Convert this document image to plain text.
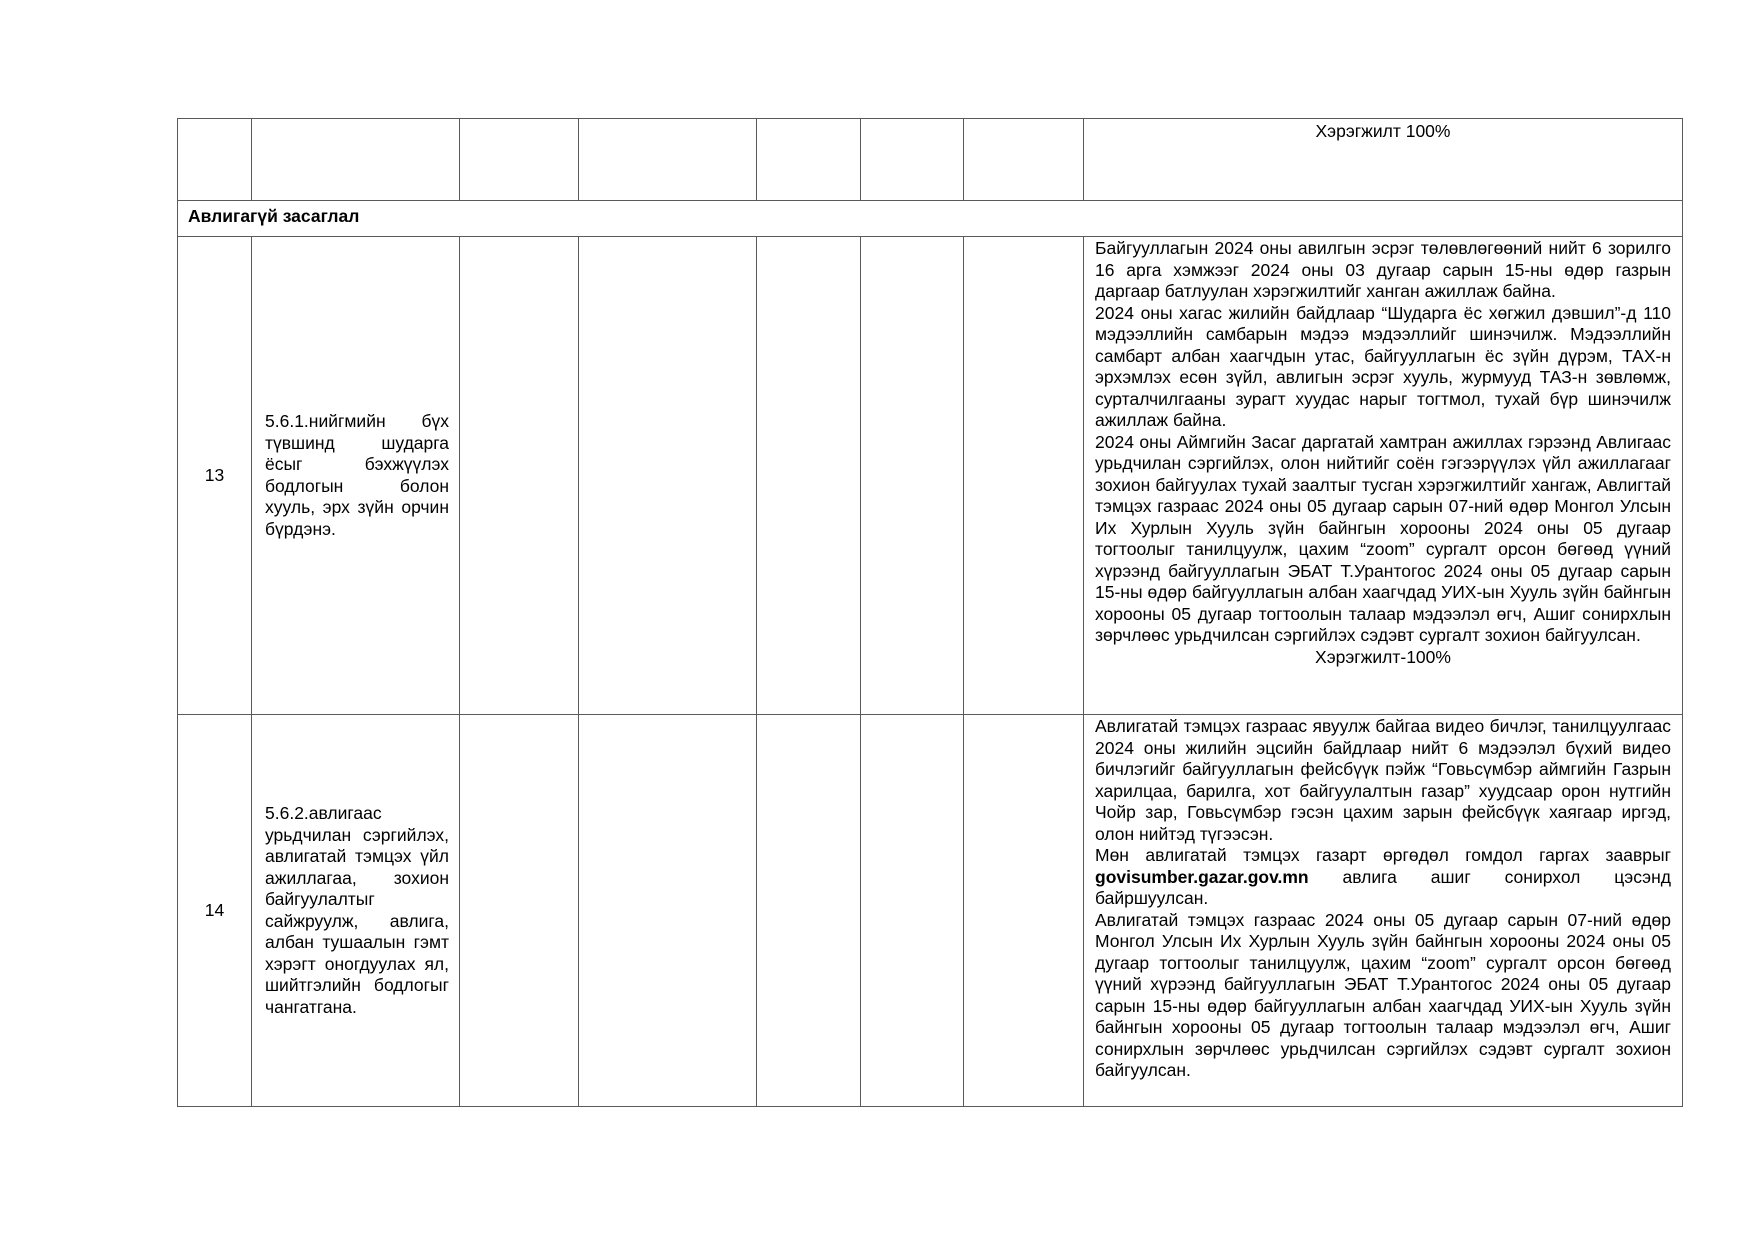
							Хэрэгжилт 100%
Авлигагүй засаглал							
13	5.6.1.нийгмийн бүх түвшинд шударга ёсыг бэхжүүлэх бодлогын болон хууль, эрх зүйн орчин бүрдэнэ.						Байгууллагын 2024 оны авилгын эсрэг төлөвлөгөөний нийт 6 зорилго 16 арга хэмжээг 2024 оны 03 дугаар сарын 15-ны өдөр газрын даргаар батлуулан хэрэгжилтийг ханган ажиллаж байна.

2024 оны хагас жилийн байдлаар “Шударга ёс хөгжил дэвшил”-д 110 мэдээллийн самбарын мэдээ мэдээллийг шинэчилж. Мэдээллийн самбарт албан хаагчдын утас, байгууллагын ёс зүйн дүрэм, ТАХ-н эрхэмлэх есөн зүйл, авлигын эсрэг хууль, журмууд ТАЗ-н зөвлөмж, сурталчилгааны зурагт хуудас нарыг тогтмол, тухай бүр шинэчилж ажиллаж байна.

2024 оны Аймгийн Засаг даргатай хамтран ажиллах гэрээнд Авлигаас урьдчилан сэргийлэх, олон нийтийг соён гэгээрүүлэх үйл ажиллагааг зохион байгуулах тухай заалтыг тусган хэрэгжилтийг хангаж, Авлигтай тэмцэх газраас 2024 оны 05 дугаар сарын 07-ний өдөр Монгол Улсын Их Хурлын Хууль зүйн байнгын хорооны 2024 оны 05 дугаар тогтоолыг танилцуулж, цахим “zoom” сургалт орсон бөгөөд үүний хүрээнд байгууллагын ЭБАТ Т.Урантогос 2024 оны 05 дугаар сарын 15-ны өдөр байгууллагын албан хаагчдад УИХ-ын Хууль зүйн байнгын хорооны 05 дугаар тогтоолын талаар мэдээлэл өгч, Ашиг сонирхлын зөрчлөөс урьдчилсан сэргийлэх сэдэвт сургалт зохион байгуулсан.

Хэрэгжилт-100%

14	5.6.2.авлигаас урьдчилан сэргийлэх, авлигатай тэмцэх үйл ажиллагаа, зохион байгуулалтыг сайжруулж, авлига, албан тушаалын гэмт хэрэгт оногдуулах ял, шийтгэлийн бодлогыг чангатгана.						Авлигатай тэмцэх газраас явуулж байгаа видео бичлэг, танилцуулгаас 2024 оны жилийн эцсийн байдлаар нийт 6 мэдээлэл бүхий видео бичлэгийг байгууллагын фейсбүүк пэйж “Говьсүмбэр аймгийн Газрын харилцаа, барилга, хот байгуулалтын газар” хуудсаар орон нутгийн Чойр зар, Говьсүмбэр гэсэн цахим зарын фейсбүүк хаягаар иргэд, олон нийтэд түгээсэн.

Мөн авлигатай тэмцэх газарт өргөдөл гомдол гаргах зааврыг govisumber.gazar.gov.mn авлига ашиг сонирхол цэсэнд байршуулсан.

Авлигатай тэмцэх газраас 2024 оны 05 дугаар сарын 07-ний өдөр Монгол Улсын Их Хурлын Хууль зүйн байнгын хорооны 2024 оны 05 дугаар тогтоолыг танилцуулж, цахим “zoom” сургалт орсон бөгөөд үүний хүрээнд байгууллагын ЭБАТ Т.Урантогос 2024 оны 05 дугаар сарын 15-ны өдөр байгууллагын албан хаагчдад УИХ-ын Хууль зүйн байнгын хорооны 05 дугаар тогтоолын талаар мэдээлэл өгч, Ашиг сонирхлын зөрчлөөс урьдчилсан сэргийлэх сэдэвт сургалт зохион байгуулсан.
